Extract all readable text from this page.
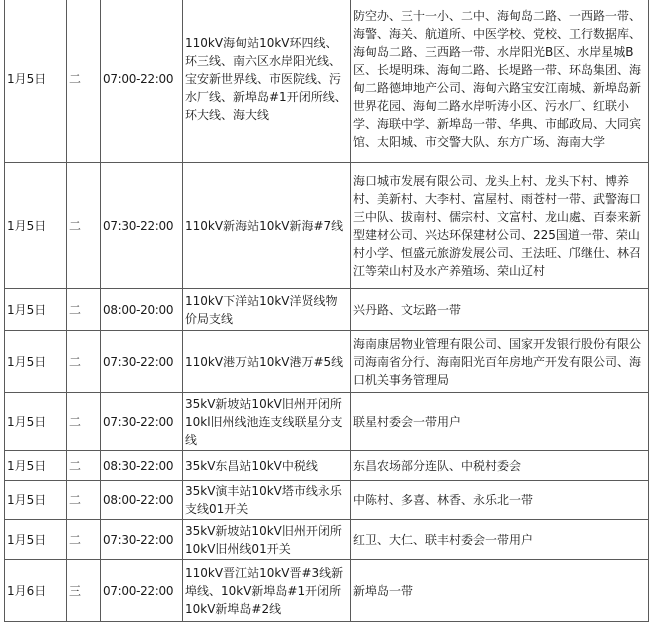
1月5日	二	07:00-22:00	110kV海甸站10kV环四线、环三线、南六区水岸阳光线、宝安新世界线、市医院线、污水厂线、新埠岛#1开闭所线、环大线、海大线	防空办、三十一小、二中、海甸岛二路、一西路一带、海警、海关、航道所、中医学校、党校、工行数据库、海甸岛二路、三西路一带、水岸阳光B区、水岸星城B区、长堤明珠、海甸二路、长堤路一带、环岛集团、海甸二路德坤地产公司、海甸六路宝安江南城、新埠岛新世界花园、海甸二路水岸听涛小区、污水厂、红联小学、海联中学、新埠岛一带、华典、市邮政局、大同宾馆、太阳城、市交警大队、东方广场、海南大学
1月5日	二	07:30-22:00	110kV新海站10kV新海#7线	海口城市发展有限公司、龙头上村、龙头下村、博养村、美新村、大李村、富屋村、雨苍村一带、武警海口三中队、拔南村、儒宗村、文富村、龙山處、百泰来新型建材公司、兴达环保建材公司、225国道一带、荣山村小学、恒盛元旅游发展公司、王法旺、邝继仕、林召江等荣山村及水产养殖场、荣山辽村
1月5日	二	08:00-20:00	110kV下洋站10kV洋贤线物价局支线	兴丹路、文坛路一带
1月5日	二	07:30-22:00	110kV港万站10kV港万#5线	海南康居物业管理有限公司、国家开发银行股份有限公司海南省分行、海南阳光百年房地产开发有限公司、海口机关事务管理局
1月5日	二	07:30-22:00	35kV新坡站10kV旧州开闭所10kl旧州线池连支线联星分支线	联星村委会一带用户
1月5日	二	08:30-22:00	35kV东昌站10kV中税线	东昌农场部分连队、中税村委会
1月5日	二	08:00-22:00	35kV演丰站10kV塔市线永乐支线01开关	中陈村、多喜、林香、永乐北一带
1月5日	二	07:30-22:00	35kV新坡站10kV旧州开闭所10kV旧州线01开关	红卫、大仁、联丰村委会一带用户
1月6日	三	07:00-22:00	110kV晋江站10kV晋#3线新埠线、10kV新埠岛#1开闭所10kV新埠岛#2线	新埠岛一带
